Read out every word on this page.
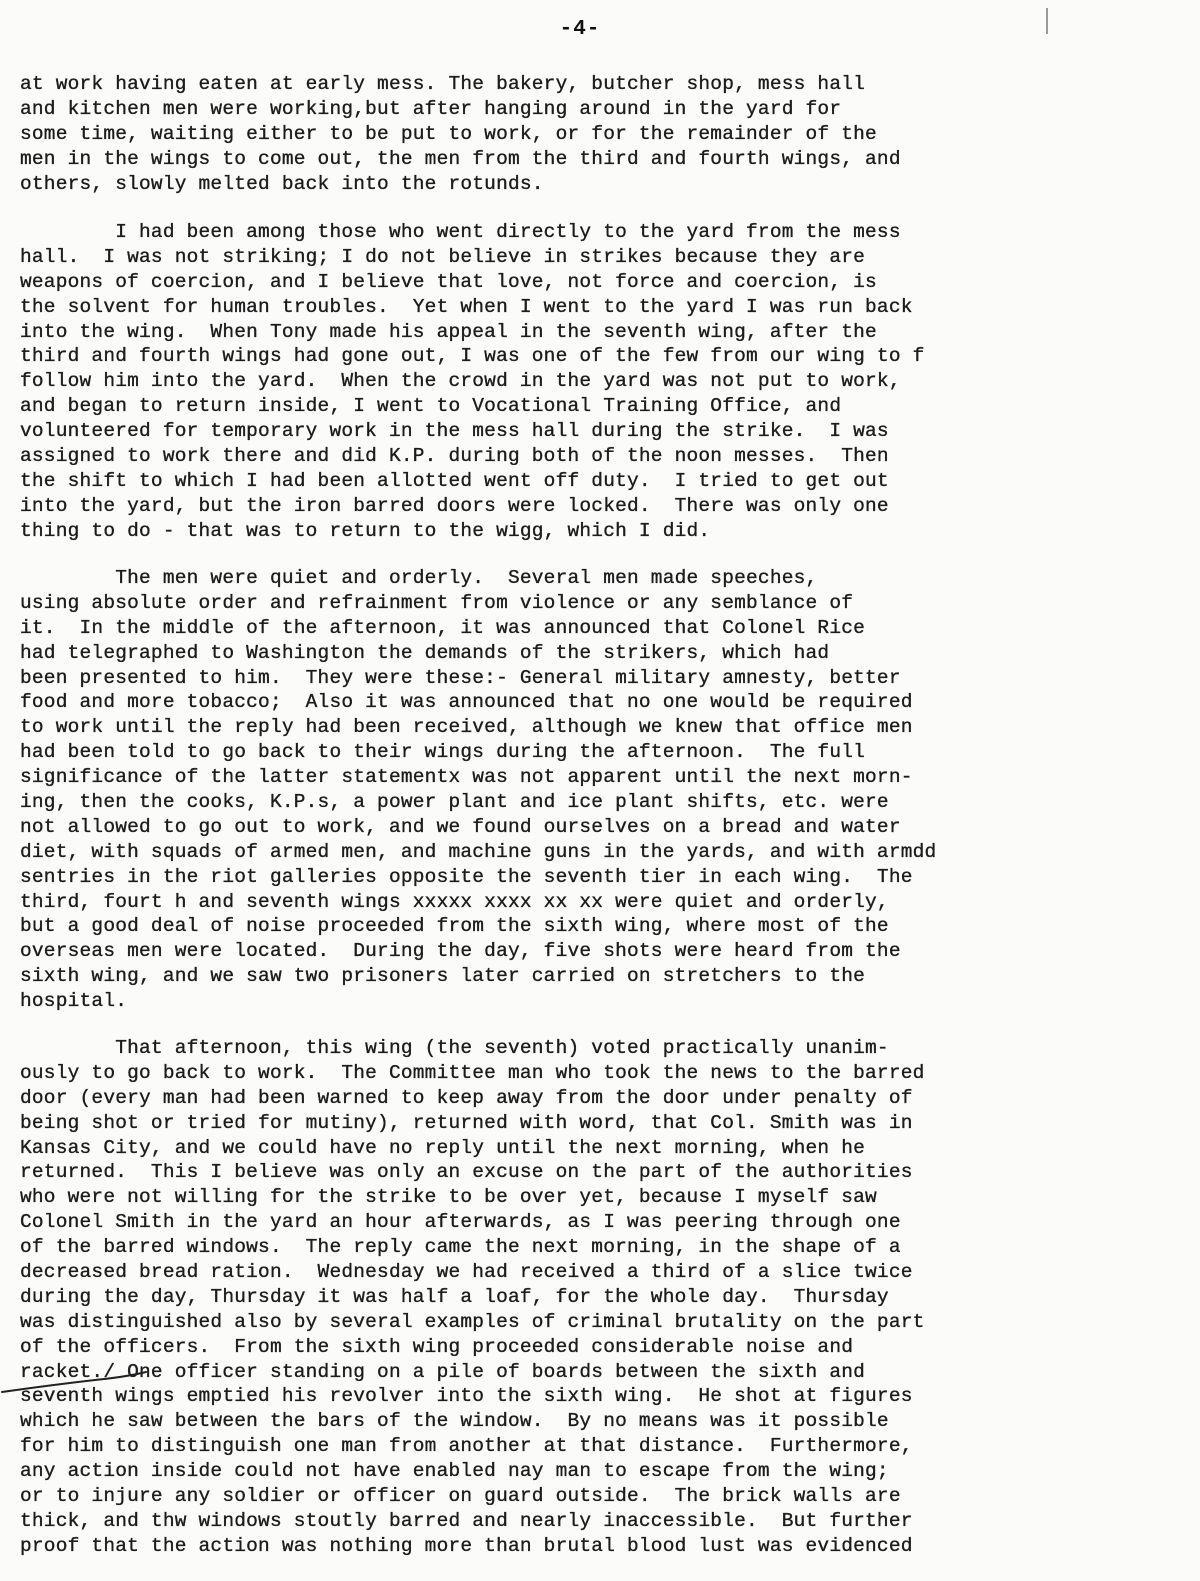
-4-
at work having eaten at early mess. The bakery, butcher shop, mess hall
and kitchen men were working,but after hanging around in the yard for
some time, waiting either to be put to work, or for the remainder of the
men in the wings to come out, the men from the third and fourth wings, and
others, slowly melted back into the rotunds.
I had been among those who went directly to the yard from the mess
hall.  I was not striking; I do not believe in strikes because they are
weapons of coercion, and I believe that love, not force and coercion, is
the solvent for human troubles.  Yet when I went to the yard I was run back
into the wing.  When Tony made his appeal in the seventh wing, after the
third and fourth wings had gone out, I was one of the few from our wing to f
follow him into the yard.  When the crowd in the yard was not put to work,
and began to return inside, I went to Vocational Training Office, and
volunteered for temporary work in the mess hall during the strike.  I was
assigned to work there and did K.P. during both of the noon messes.  Then
the shift to which I had been allotted went off duty.  I tried to get out
into the yard, but the iron barred doors were locked.  There was only one
thing to do - that was to return to the wigg, which I did.
The men were quiet and orderly.  Several men made speeches,
using absolute order and refrainment from violence or any semblance of
it.  In the middle of the afternoon, it was announced that Colonel Rice
had telegraphed to Washington the demands of the strikers, which had
been presented to him.  They were these:- General military amnesty, better
food and more tobacco;  Also it was announced that no one would be required
to work until the reply had been received, although we knew that office men
had been told to go back to their wings during the afternoon.  The full
significance of the latter statementx was not apparent until the next morn-
ing, then the cooks, K.P.s, a power plant and ice plant shifts, etc. were
not allowed to go out to work, and we found ourselves on a bread and water
diet, with squads of armed men, and machine guns in the yards, and with armdd
sentries in the riot galleries opposite the seventh tier in each wing.  The
third, fourt h and seventh wings xxxxx xxxx xx xx were quiet and orderly,
but a good deal of noise proceeded from the sixth wing, where most of the
overseas men were located.  During the day, five shots were heard from the
sixth wing, and we saw two prisoners later carried on stretchers to the
hospital.
That afternoon, this wing (the seventh) voted practically unanim-
ously to go back to work.  The Committee man who took the news to the barred
door (every man had been warned to keep away from the door under penalty of
being shot or tried for mutiny), returned with word, that Col. Smith was in
Kansas City, and we could have no reply until the next morning, when he
returned.  This I believe was only an excuse on the part of the authorities
who were not willing for the strike to be over yet, because I myself saw
Colonel Smith in the yard an hour afterwards, as I was peering through one
of the barred windows.  The reply came the next morning, in the shape of a
decreased bread ration.  Wednesday we had received a third of a slice twice
during the day, Thursday it was half a loaf, for the whole day.  Thursday
was distinguished also by several examples of criminal brutality on the part
of the officers.  From the sixth wing proceeded considerable noise and
racket./ One officer standing on a pile of boards between the sixth and
seventh wings emptied his revolver into the sixth wing.  He shot at figures
which he saw between the bars of the window.  By no means was it possible
for him to distinguish one man from another at that distance.  Furthermore,
any action inside could not have enabled nay man to escape from the wing;
or to injure any soldier or officer on guard outside.  The brick walls are
thick, and thw windows stoutly barred and nearly inaccessible.  But further
proof that the action was nothing more than brutal blood lust was evidenced
